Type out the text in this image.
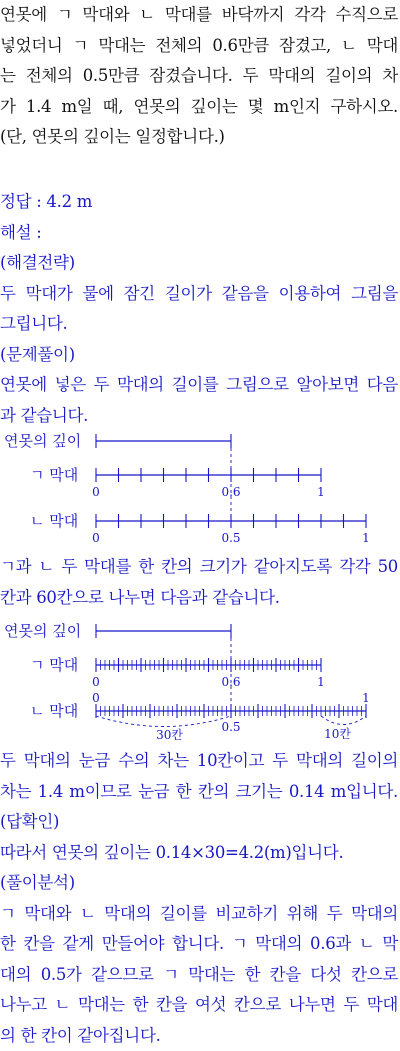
연못에 ㄱ 막대와 ㄴ 막대를 바닥까지 각각 수직으로
넣었더니 ㄱ 막대는 전체의 0.6만큼 잠겼고, ㄴ 막대
는 전체의 0.5만큼 잠겼습니다. 두 막대의 길이의 차
가 1.4 m일 때, 연못의 깊이는 몇 m인지 구하시오.
(단, 연못의 깊이는 일정합니다.)
정답 : 4.2 m
해설 :
(해결전략)
두 막대가 물에 잠긴 길이가 같음을 이용하여 그림을
그립니다.
(문제풀이)
연못에 넣은 두 막대의 길이를 그림으로 알아보면 다음
과 같습니다.
연못의 깊이
ㄱ 막대
0	0.6	1
ㄴ 막대
0	0.5	1
ㄱ과 ㄴ 두 막대를 한 칸의 크기가 같아지도록 각각 50
칸과 60칸으로 나누면 다음과 같습니다.
연못의 깊이
ㄱ 막대
0	0.6	1
ㄴ 막대
0
0.5
1
30칸	10칸
두 막대의 눈금 수의 차는 10칸이고 두 막대의 길이의
차는 1.4 m이므로 눈금 한 칸의 크기는 0.14 m입니다.
(답확인)
따라서 연못의 깊이는 0.14×30=4.2(m)입니다.
(풀이분석)
ㄱ 막대와 ㄴ 막대의 길이를 비교하기 위해 두 막대의
한 칸을 같게 만들어야 합니다. ㄱ 막대의 0.6과 ㄴ 막
대의 0.5가 같으므로 ㄱ 막대는 한 칸을 다섯 칸으로
나누고 ㄴ 막대는 한 칸을 여섯 칸으로 나누면 두 막대
의 한 칸이 같아집니다.
